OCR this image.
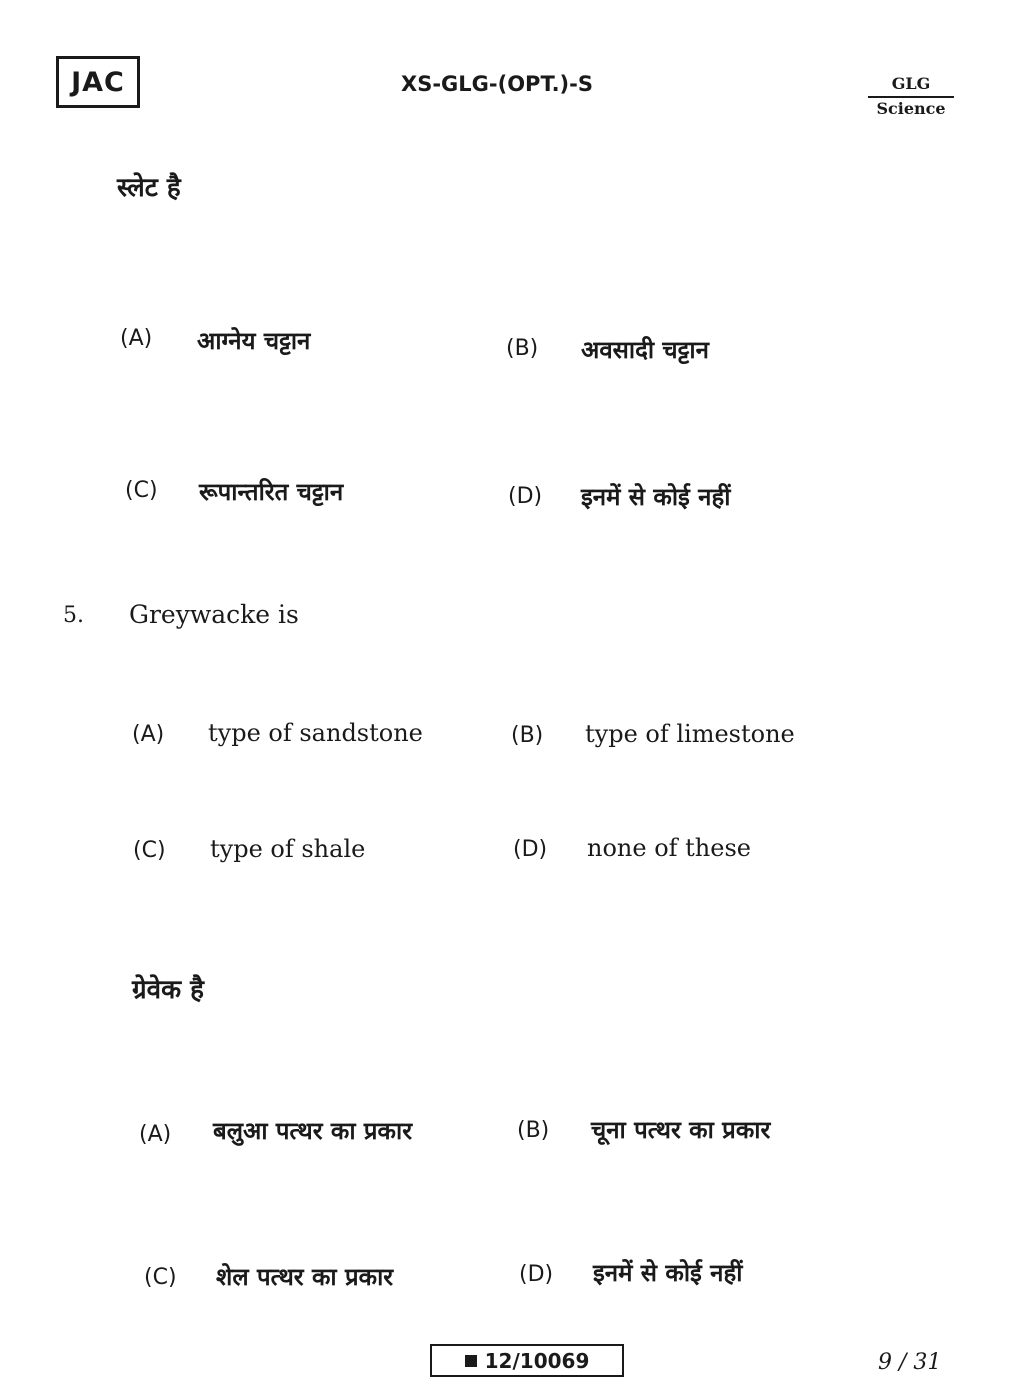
JAC	XS-GLG-(OPT.)-S	GLG
Science
स्लेट है
(A) आग्नेय चट्टान	(B) अवसादी चट्टान
(C) रूपान्तरित चट्टान	(D) इनमें से कोई नहीं
5. Greywacke is
(A) type of sandstone	(B) type of limestone
(C) type of shale	(D) none of these
ग्रेवेक है
(A) बलुआ पत्थर का प्रकार	(B) चूना पत्थर का प्रकार
(C) शेल पत्थर का प्रकार	(D) इनमें से कोई नहीं
12/10069	9 / 31
